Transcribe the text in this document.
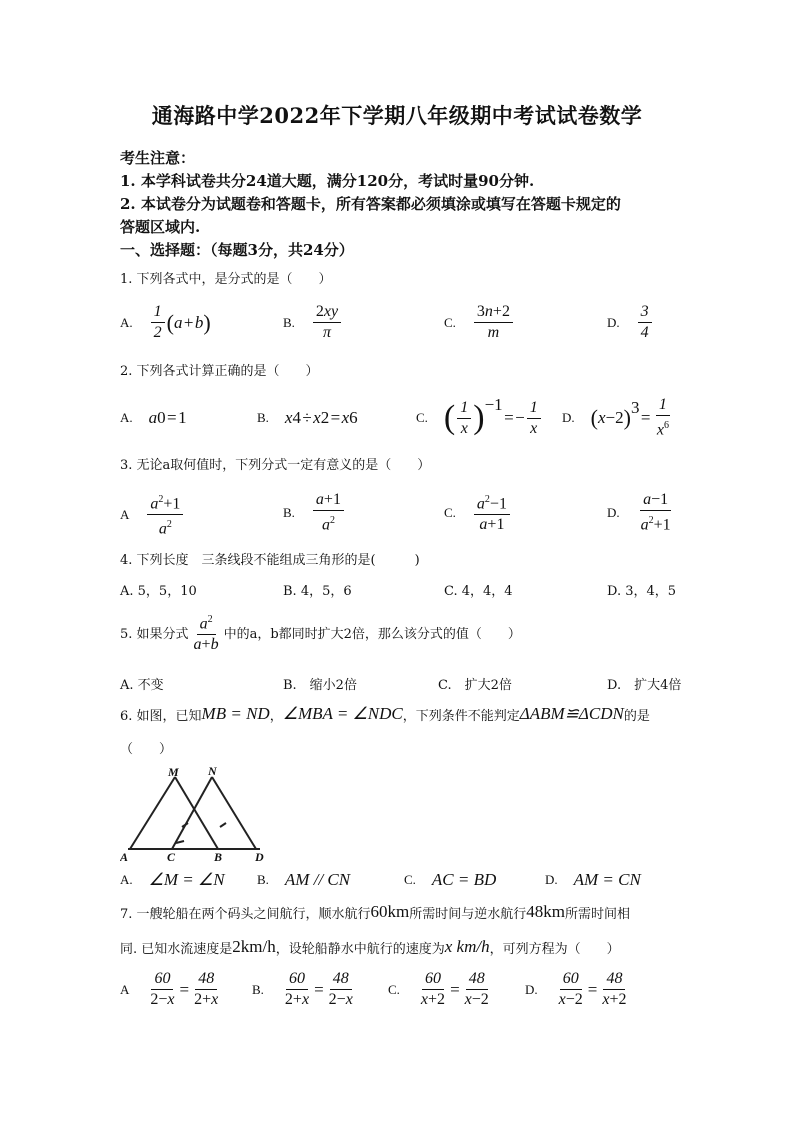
通海路中学2022年下学期八年级期中考试试卷数学
考生注意：
1. 本学科试卷共分24道大题，满分120分，考试时量90分钟.
2. 本试卷分为试题卷和答题卡，所有答案都必须填涂或填写在答题卡规定的
答题区域内.
一、选择题：（每题3分，共24分）
1. 下列各式中，是分式的是（　　）
A. $\frac{1}{2}$ ( a  +  b )	B. $\frac{2xy}{\pi}$	C. $\frac{3n+2}{m}$	D. $\frac{3}{4}$
2. 下列各式计算正确的是（　　）
A. a 0  = 1	B. x 4  ÷  x 2  =  x 6	C. ( $\frac{1}{x}$ ) −1
 = − $\frac{1}{x} D$. ( x −2 ) 3
 =  $\frac{1}{x^6}$
3. 无论a取何值时，下列分式一定有意义的是（　　）
A $\frac{a^2+1}{a^2}$	B. $\frac{a+1}{a^2}$	C. $\frac{a^2-1}{a+1}$	D. $\frac{a-1}{a^2+1}$
4. 下列长度　三条线段不能组成三角形的是(　　　)
A. 5，5，10	B. 4，5，6	C. 4，4，4	D. 3，4，5
5. 如果分式 $\frac{a^2}{a+b}$ 中的a，b都同时扩大2倍，那么该分式的值（　　）
A. 不变	B.　缩小2倍	C.　扩大2倍	D.　扩大4倍
6. 如图，已知 MB = ND ， ∠MBA = ∠NDC ，下列条件不能判定 ΔABM≌ΔCDN 的是
（　　）
M N
A	C	B	D
A. ∠M = ∠N B. AM // CN	C. AC = BD	D. AM = CN
7. 一艘轮船在两个码头之间航行，顺水航行 60km 所需时间与逆水航行 48km 所需时间相
同. 已知水流速度是 2km/h ，设轮船静水中航行的速度为 x km/h ，可列方程为（　　）
A $\frac{60}{2-x} = \frac{48}{2+x} B$. $\frac{60}{2+x} = \frac{48}{2-x} C$. $\frac{60}{x+2} = \frac{48}{x-2}$	D. $\frac{60}{x-2} = \frac{48}{x+2}$
